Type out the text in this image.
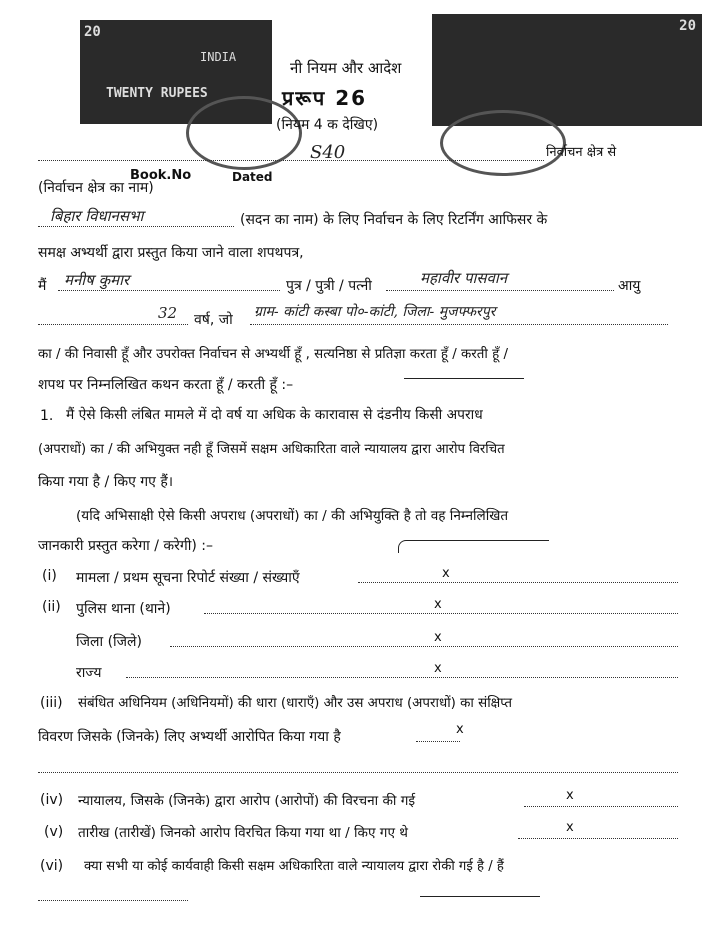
20
INDIA
TWENTY RUPEES
20
नी नियम और आदेश
प्ररूप 26
(नियम 4 क देखिए)
निर्वाचन क्षेत्र से
S40
Book.No	Dated
(निर्वाचन क्षेत्र का नाम)
बिहार विधानसभा	(सदन का नाम) के लिए निर्वाचन के लिए रिटर्निंग आफिसर के
समक्ष अभ्यर्थी द्वारा प्रस्तुत किया जाने वाला शपथपत्र,
मैं मनीष कुमार	पुत्र / पुत्री / पत्नी	महावीर पासवान	आयु
32 वर्ष, जो ग्राम- कांटी कस्बा पो०-कांटी, जिला- मुजफ्फरपुर
का / की निवासी हूँ और उपरोक्त निर्वाचन से अभ्यर्थी हूँ , सत्यनिष्ठा से प्रतिज्ञा करता हूँ / करती हूँ /
शपथ पर निम्नलिखित कथन करता हूँ / करती हूँ :–
1. मैं ऐसे किसी लंबित मामले में दो वर्ष या अधिक के कारावास से दंडनीय किसी अपराध
(अपराधों) का / की अभियुक्त नही हूँ जिसमें सक्षम अधिकारिता वाले न्यायालय द्वारा आरोप विरचित
किया गया है / किए गए हैं।
(यदि अभिसाक्षी ऐसे किसी अपराध (अपराधों) का / की अभियुक्ति है तो वह निम्नलिखित
जानकारी प्रस्तुत करेगा / करेगी) :–
(i) मामला / प्रथम सूचना रिपोर्ट संख्या / संख्याएँ	x
(ii) पुलिस थाना (थाने)	x
जिला (जिले)	x
राज्य	x
(iii) संबंधित अधिनियम (अधिनियमों) की धारा (धाराएँ) और उस अपराध (अपराधों) का संक्षिप्त
विवरण जिसके (जिनके) लिए अभ्यर्थी आरोपित किया गया है	x
(iv) न्यायालय, जिसके (जिनके) द्वारा आरोप (आरोपों) की विरचना की गई	x
(v) तारीख (तारीखें) जिनको आरोप विरचित किया गया था / किए गए थे	x
(vi) क्या सभी या कोई कार्यवाही किसी सक्षम अधिकारिता वाले न्यायालय द्वारा रोकी गई है / हैं
